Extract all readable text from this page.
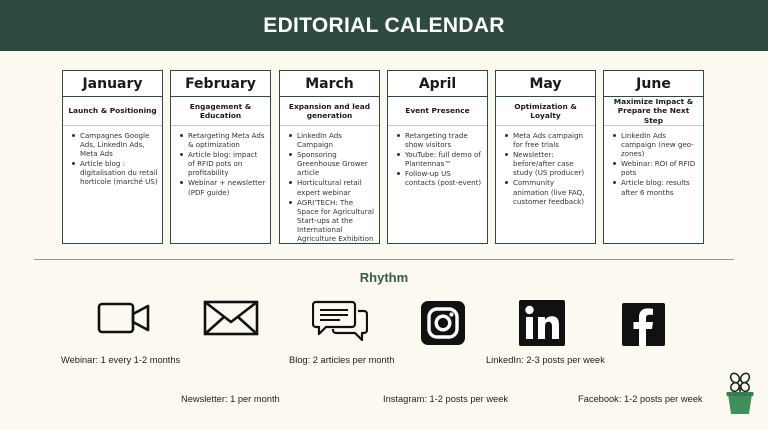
EDITORIAL CALENDAR
January
Launch & Positioning
Campagnes Google Ads, LinkedIn Ads, Meta Ads
Article blog : digitalisation du retail horticole (marché US)
February
Engagement & Education
Retargeting Meta Ads & optimization
Article blog: impact of RFID pots on profitability
Webinar + newsletter (PDF guide)
March
Expansion and lead generation
LinkedIn Ads Campaign
Sponsoring Greenhouse Grower article
Horticultural retail expert webinar
AGRI'TECH: The Space for Agricultural Start-ups at the International Agriculture Exhibition
April
Event Presence
Retargeting trade show visitors
YouTube: full demo of Plantennas™
Follow-up US contacts (post-event)
May
Optimization & Loyalty
Meta Ads campaign for free trials
Newsletter: before/after case study (US producer)
Community animation (live FAQ, customer feedback)
June
Maximize Impact & Prepare the Next Step
LinkedIn Ads campaign (new geo-zones)
Webinar: ROI of RFID pots
Article blog: results after 6 months
Rhythm
Webinar: 1 every 1-2 months
Newsletter: 1 per month
Blog: 2 articles per month
Instagram: 1-2 posts per week
LinkedIn: 2-3 posts per week
Facebook: 1-2 posts per week
